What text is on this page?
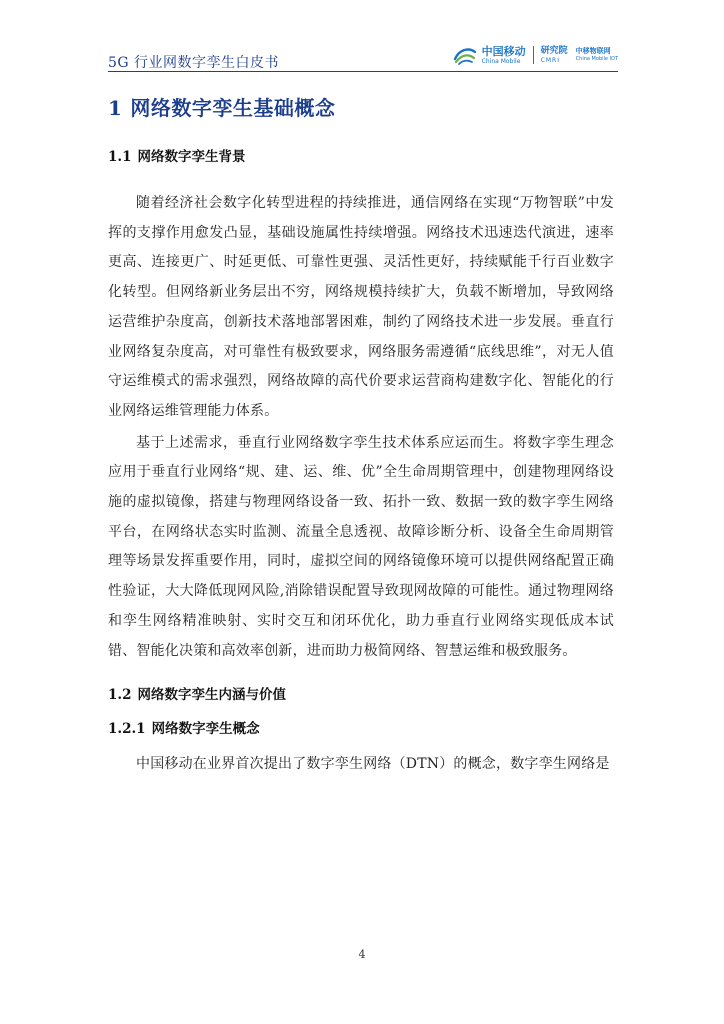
5G 行业网数字孪生白皮书
中国移动
China Mobile
研究院
CMRI
中移物联网
China Mobile IOT
1 网络数字孪生基础概念
1.1 网络数字孪生背景

随着经济社会数字化转型进程的持续推进，通信网络在实现“万物智联”中发挥的支撑作用愈发凸显，基础设施属性持续增强。网络技术迅速迭代演进，速率更高、连接更广、时延更低、可靠性更强、灵活性更好，持续赋能千行百业数字化转型。但网络新业务层出不穷，网络规模持续扩大，负载不断增加，导致网络运营维护杂度高，创新技术落地部署困难，制约了网络技术进一步发展。垂直行业网络复杂度高，对可靠性有极致要求，网络服务需遵循“底线思维”，对无人值守运维模式的需求强烈，网络故障的高代价要求运营商构建数字化、智能化的行业网络运维管理能力体系。

基于上述需求，垂直行业网络数字孪生技术体系应运而生。将数字孪生理念应用于垂直行业网络“规、建、运、维、优”全生命周期管理中，创建物理网络设施的虚拟镜像，搭建与物理网络设备一致、拓扑一致、数据一致的数字孪生网络平台，在网络状态实时监测、流量全息透视、故障诊断分析、设备全生命周期管理等场景发挥重要作用，同时，虚拟空间的网络镜像环境可以提供网络配置正确性验证，大大降低现网风险,消除错误配置导致现网故障的可能性。通过物理网络和孪生网络精准映射、实时交互和闭环优化，助力垂直行业网络实现低成本试错、智能化决策和高效率创新，进而助力极简网络、智慧运维和极致服务。

1.2 网络数字孪生内涵与价值
1.2.1 网络数字孪生概念

中国移动在业界首次提出了数字孪生网络（DTN）的概念，数字孪生网络是

4
